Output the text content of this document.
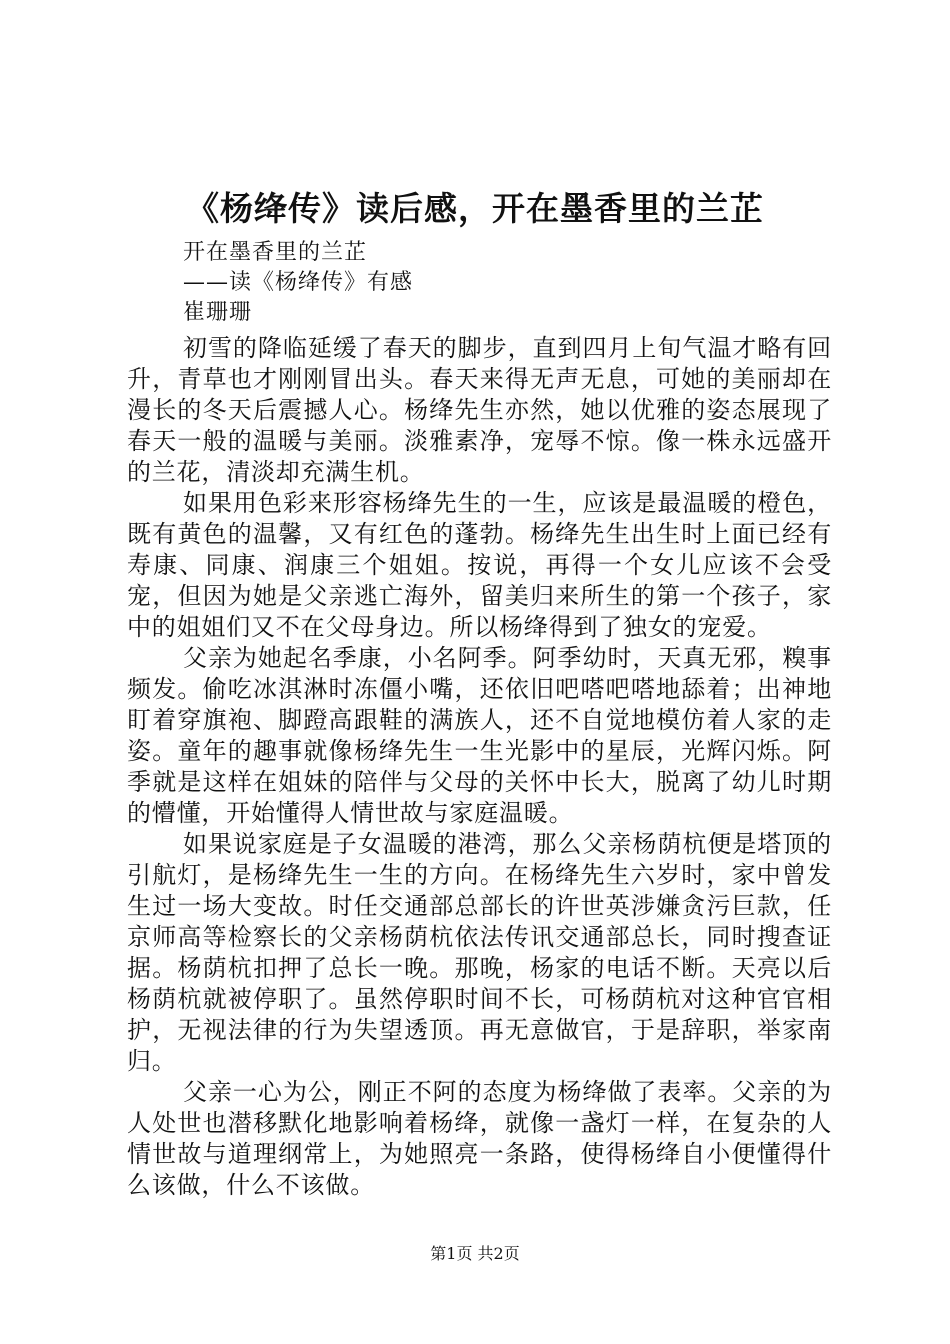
《杨绛传》读后感，开在墨香里的兰芷
开在墨香里的兰芷
——读《杨绛传》有感
崔珊珊

初雪的降临延缓了春天的脚步，直到四月上旬气温才略有回升，青草也才刚刚冒出头。春天来得无声无息，可她的美丽却在漫长的冬天后震撼人心。杨绛先生亦然，她以优雅的姿态展现了春天一般的温暖与美丽。淡雅素净，宠辱不惊。像一株永远盛开的兰花，清淡却充满生机。

如果用色彩来形容杨绛先生的一生，应该是最温暖的橙色，既有黄色的温馨，又有红色的蓬勃。杨绛先生出生时上面已经有寿康、同康、润康三个姐姐。按说，再得一个女儿应该不会受宠，但因为她是父亲逃亡海外，留美归来所生的第一个孩子，家中的姐姐们又不在父母身边。所以杨绛得到了独女的宠爱。

父亲为她起名季康，小名阿季。阿季幼时，天真无邪，糗事频发。偷吃冰淇淋时冻僵小嘴，还依旧吧嗒吧嗒地舔着；出神地盯着穿旗袍、脚蹬高跟鞋的满族人，还不自觉地模仿着人家的走姿。童年的趣事就像杨绛先生一生光影中的星辰，光辉闪烁。阿季就是这样在姐妹的陪伴与父母的关怀中长大，脱离了幼儿时期的懵懂，开始懂得人情世故与家庭温暖。

如果说家庭是子女温暖的港湾，那么父亲杨荫杭便是塔顶的引航灯，是杨绛先生一生的方向。在杨绛先生六岁时，家中曾发生过一场大变故。时任交通部总部长的许世英涉嫌贪污巨款，任京师高等检察长的父亲杨荫杭依法传讯交通部总长，同时搜查证据。杨荫杭扣押了总长一晚。那晚，杨家的电话不断。天亮以后杨荫杭就被停职了。虽然停职时间不长，可杨荫杭对这种官官相护，无视法律的行为失望透顶。再无意做官，于是辞职，举家南归。

父亲一心为公，刚正不阿的态度为杨绛做了表率。父亲的为人处世也潜移默化地影响着杨绛，就像一盏灯一样，在复杂的人情世故与道理纲常上，为她照亮一条路，使得杨绛自小便懂得什么该做，什么不该做。

第1页 共2页
